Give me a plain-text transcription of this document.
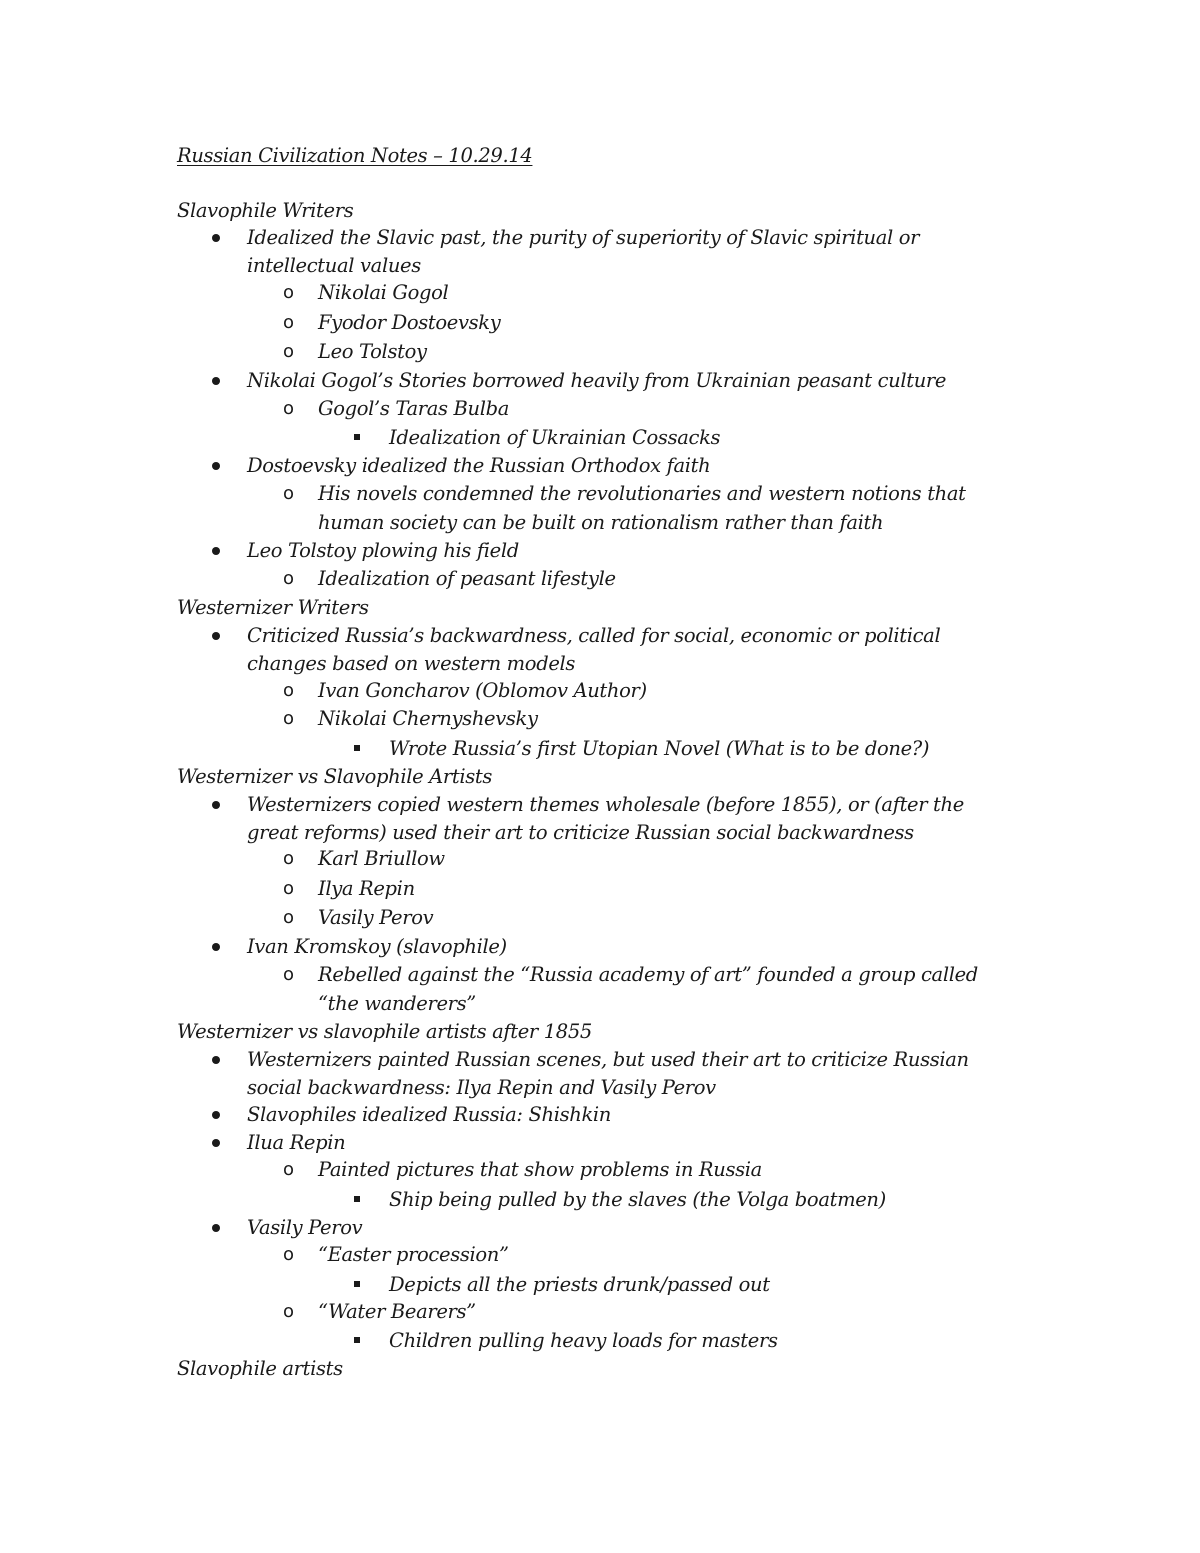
Russian Civilization Notes – 10.29.14
Slavophile Writers
Idealized the Slavic past, the purity of superiority of Slavic spiritual or
intellectual values
o Nikolai Gogol
o Fyodor Dostoevsky
o Leo Tolstoy
Nikolai Gogol’s Stories borrowed heavily from Ukrainian peasant culture
o Gogol’s Taras Bulba
Idealization of Ukrainian Cossacks
Dostoevsky idealized the Russian Orthodox faith
o His novels condemned the revolutionaries and western notions that
human society can be built on rationalism rather than faith
Leo Tolstoy plowing his field
o Idealization of peasant lifestyle
Westernizer Writers
Criticized Russia’s backwardness, called for social, economic or political
changes based on western models
o Ivan Goncharov (Oblomov Author)
o Nikolai Chernyshevsky
Wrote Russia’s first Utopian Novel (What is to be done?)
Westernizer vs Slavophile Artists
Westernizers copied western themes wholesale (before 1855), or (after the
great reforms) used their art to criticize Russian social backwardness
o Karl Briullow
o Ilya Repin
o Vasily Perov
Ivan Kromskoy (slavophile)
o Rebelled against the “Russia academy of art” founded a group called
“the wanderers”
Westernizer vs slavophile artists after 1855
Westernizers painted Russian scenes, but used their art to criticize Russian
social backwardness: Ilya Repin and Vasily Perov
Slavophiles idealized Russia: Shishkin
Ilua Repin
o Painted pictures that show problems in Russia
Ship being pulled by the slaves (the Volga boatmen)
Vasily Perov
o “Easter procession”
Depicts all the priests drunk/passed out
o “Water Bearers”
Children pulling heavy loads for masters
Slavophile artists
